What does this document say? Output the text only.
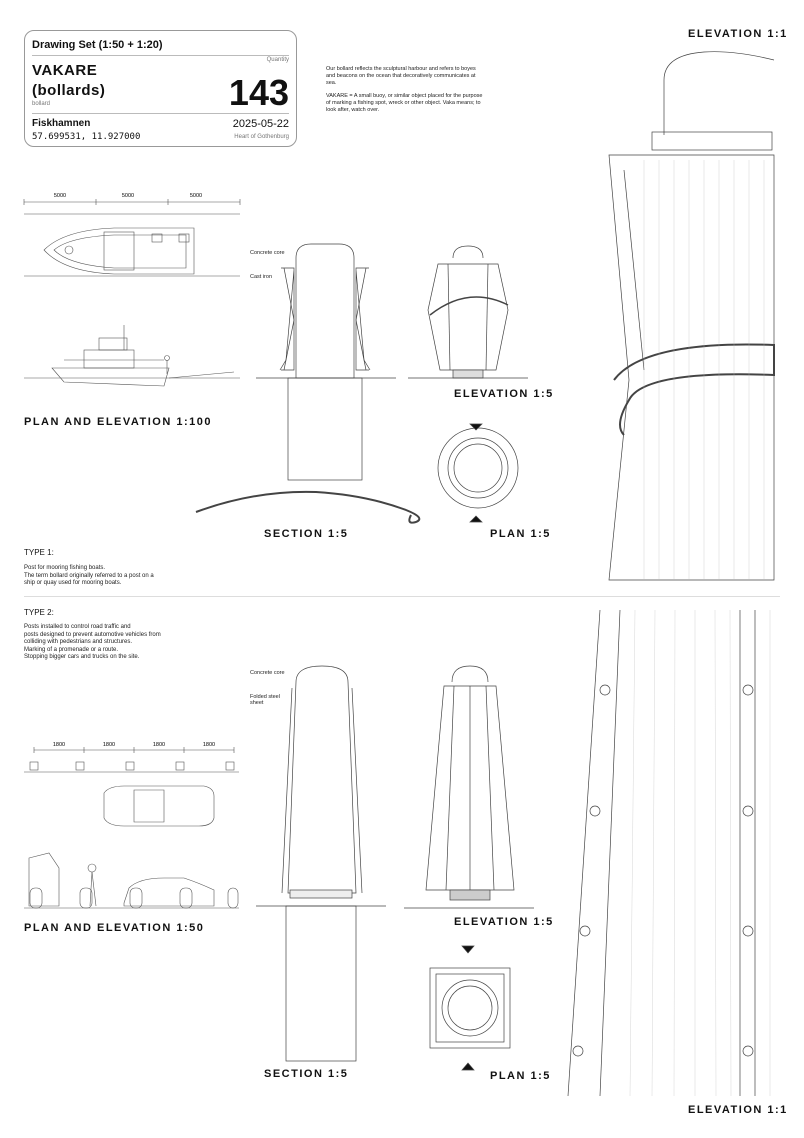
Drawing Set (1:50 + 1:20)
Quantity
VAKARE
(bollards)
bollard	143
Fiskhamnen
57.699531, 11.927000
2025-05-22
Heart of Gothenburg

Our bollard reflects the sculptural harbour and refers to boyes and beacons on the ocean that decoratively communicates at sea.

VAKARE = A small buoy, or similar object placed for the purpose of marking a fishing spot, wreck or other object. Vaka means; to look after, watch over.

ELEVATION 1:1
5000	5000	5000
PLAN AND ELEVATION 1:100
Concrete core
Cast iron
SECTION 1:5
ELEVATION 1:5
PLAN 1:5
TYPE 1:
Post for mooring fishing boats.
The term bollard originally referred to a post on a ship or quay used for mooring boats.
TYPE 2:
Posts installed to control road traffic and
posts designed to prevent automotive vehicles from
colliding with pedestrians and structures.
Marking of a promenade or a route.
Stopping bigger cars and trucks on the site.
1800	1800	1800	1800
PLAN AND ELEVATION 1:50
Concrete core
Folded steel
sheet
SECTION 1:5
ELEVATION 1:5
PLAN 1:5
ELEVATION 1:1
